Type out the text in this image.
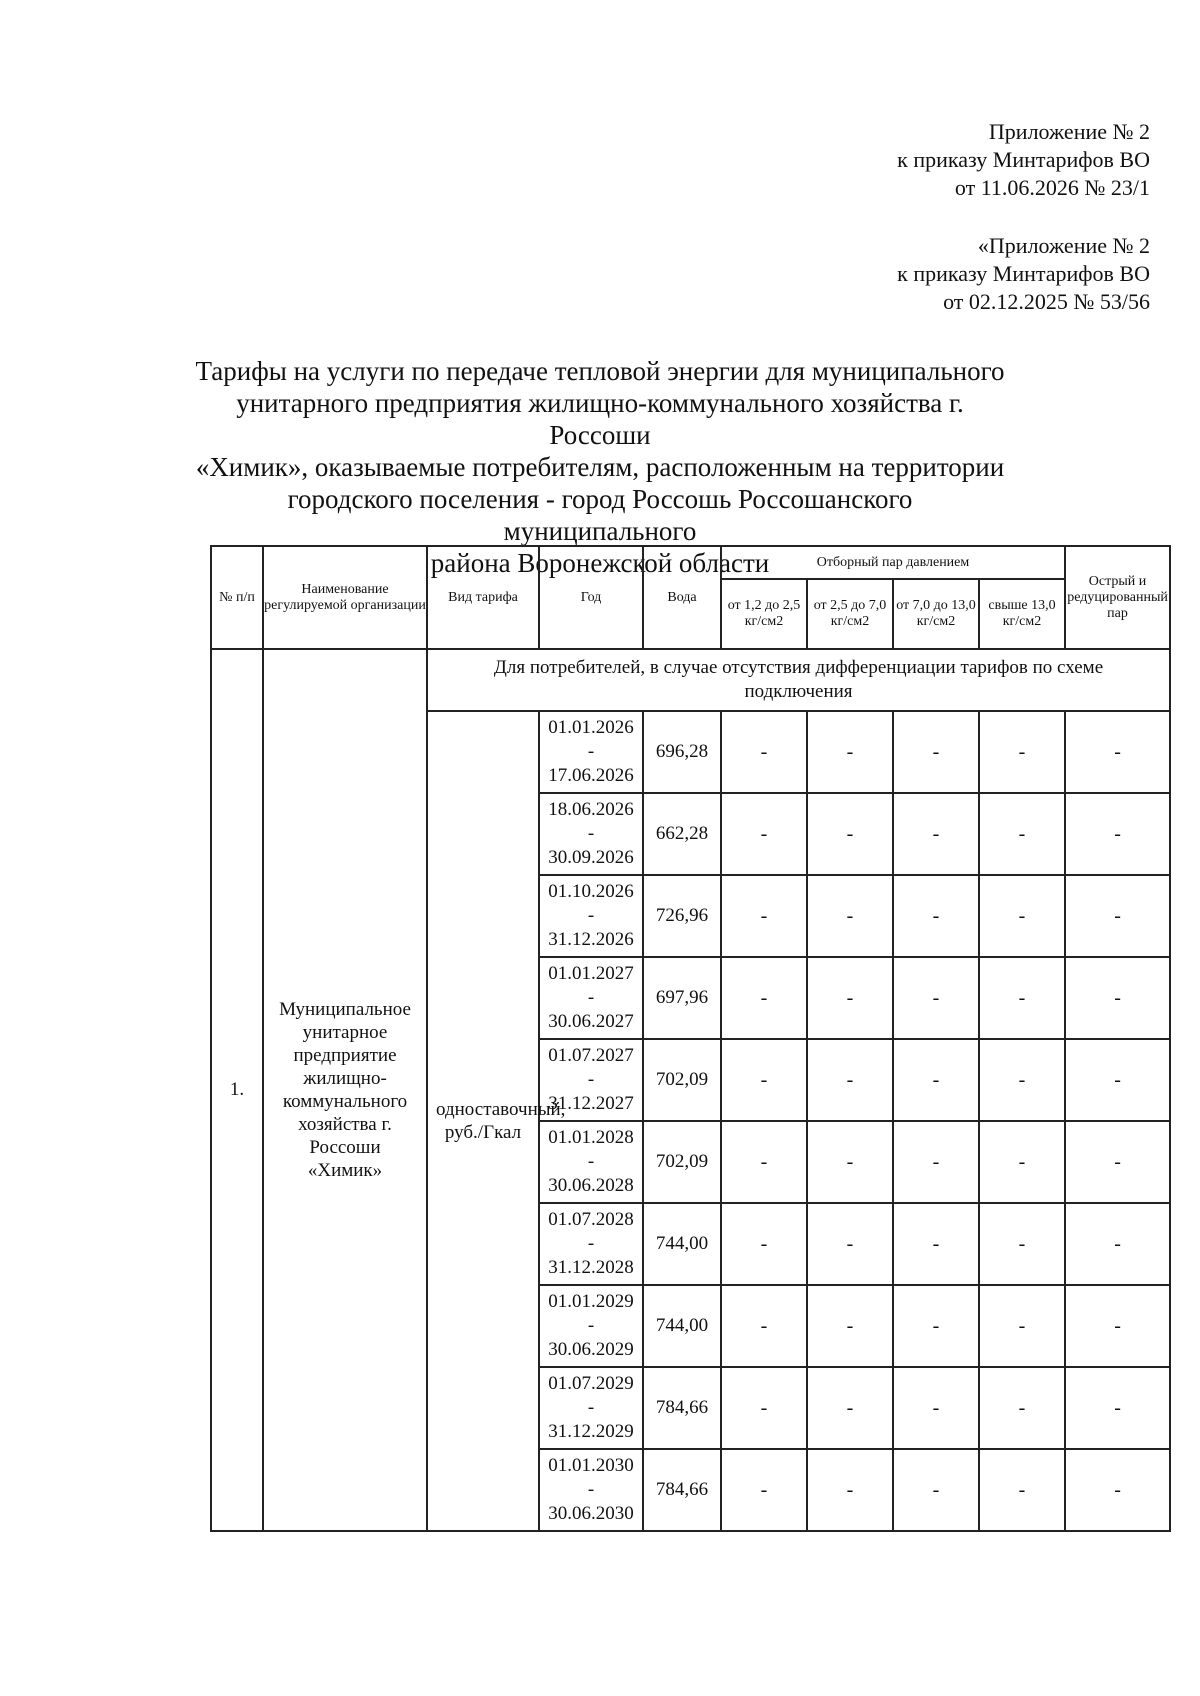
Приложение № 2
к приказу Минтарифов ВО
от 11.06.2026 № 23/1
«Приложение № 2
к приказу Минтарифов ВО
от 02.12.2025 № 53/56
Тарифы на услуги по передаче тепловой энергии для муниципального
унитарного предприятия жилищно-коммунального хозяйства г. Россоши
«Химик», оказываемые потребителям, расположенным на территории
городского поселения - город Россошь Россошанского муниципального
района Воронежской области
№ п/п	Наименование регулируемой организации	Вид тарифа	Год	Вода	Отборный пар давлением				Острый и редуцированный пар
					от 1,2 до 2,5 кг/см2	от 2,5 до 7,0 кг/см2	от 7,0 до 13,0 кг/см2	свыше 13,0 кг/см2	
1.	Муниципальное унитарное предприятие жилищно-коммунального хозяйства г. Россоши «Химик»	Для потребителей, в случае отсутствия дифференциации тарифов по схеме подключения							
		одноставочный, руб./Гкал	01.01.2026
-
17.06.2026	696,28	-	-	-	-	-

			18.06.2026
-
30.09.2026	662,28	-	-	-	-	-

			01.10.2026
-
31.12.2026	726,96	-	-	-	-	-

			01.01.2027
-
30.06.2027	697,96	-	-	-	-	-

			01.07.2027
-
31.12.2027	702,09	-	-	-	-	-

			01.01.2028
-
30.06.2028	702,09	-	-	-	-	-

			01.07.2028
-
31.12.2028	744,00	-	-	-	-	-

			01.01.2029
-
30.06.2029	744,00	-	-	-	-	-

			01.07.2029
-
31.12.2029	784,66	-	-	-	-	-

			01.01.2030
-
30.06.2030	784,66	-	-	-	-	-
